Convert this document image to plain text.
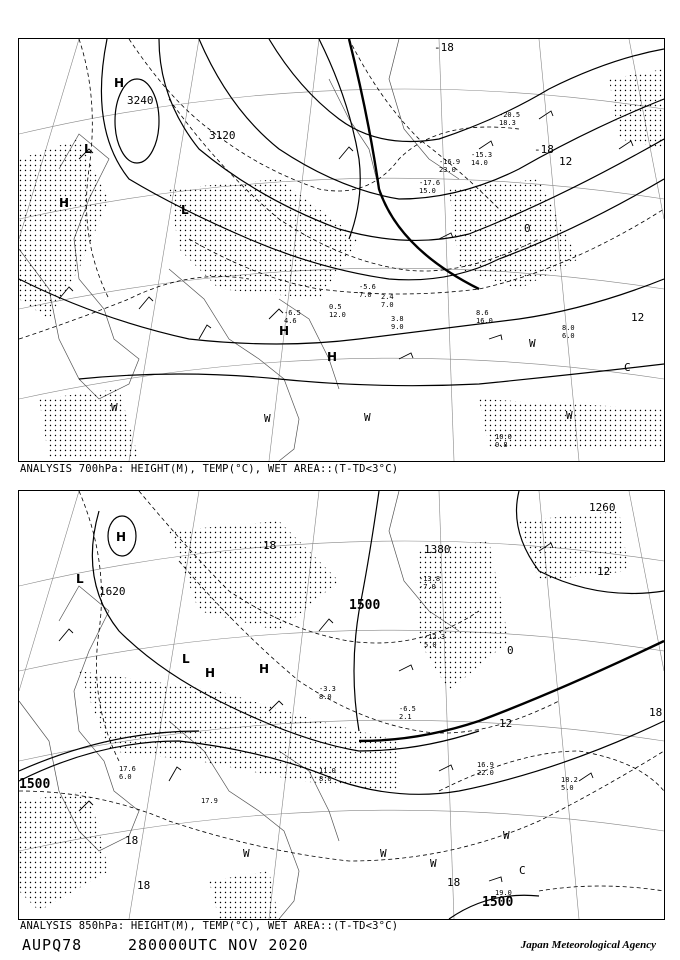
3240
3120
-18
-18
12
0
12
C
H
H
H
H
L
L
W
W
W
W
W
-16.9
23.0
-15.3
14.0
-17.6
15.0
-5.6
7.0 2.4
7.0
3.8
9.0
8.6
16.0
8.0
6.0
10.0
0.8
-20.5
18.3
-6.5
4.6
0.5
12.0
ANALYSIS 700hPa: HEIGHT(M), TEMP(°C), WET AREA::(T-TD<3°C)
1500
1500
1500
1380
1260
1620
18
12
0
12
18
18
18	18
C
H
H	H
L
L
W	W
W
W
18.2
5.0
16.9
22.0
19.0
17.9
-12.3
5.0
-6.5
2.1
-13.8
-7.0
11.0
8.0
17.6
6.0
-3.3
8.0
ANALYSIS 850hPa: HEIGHT(M), TEMP(°C), WET AREA::(T-TD<3°C)
AUPQ78	280000UTC NOV 2020	Japan Meteorological Agency
